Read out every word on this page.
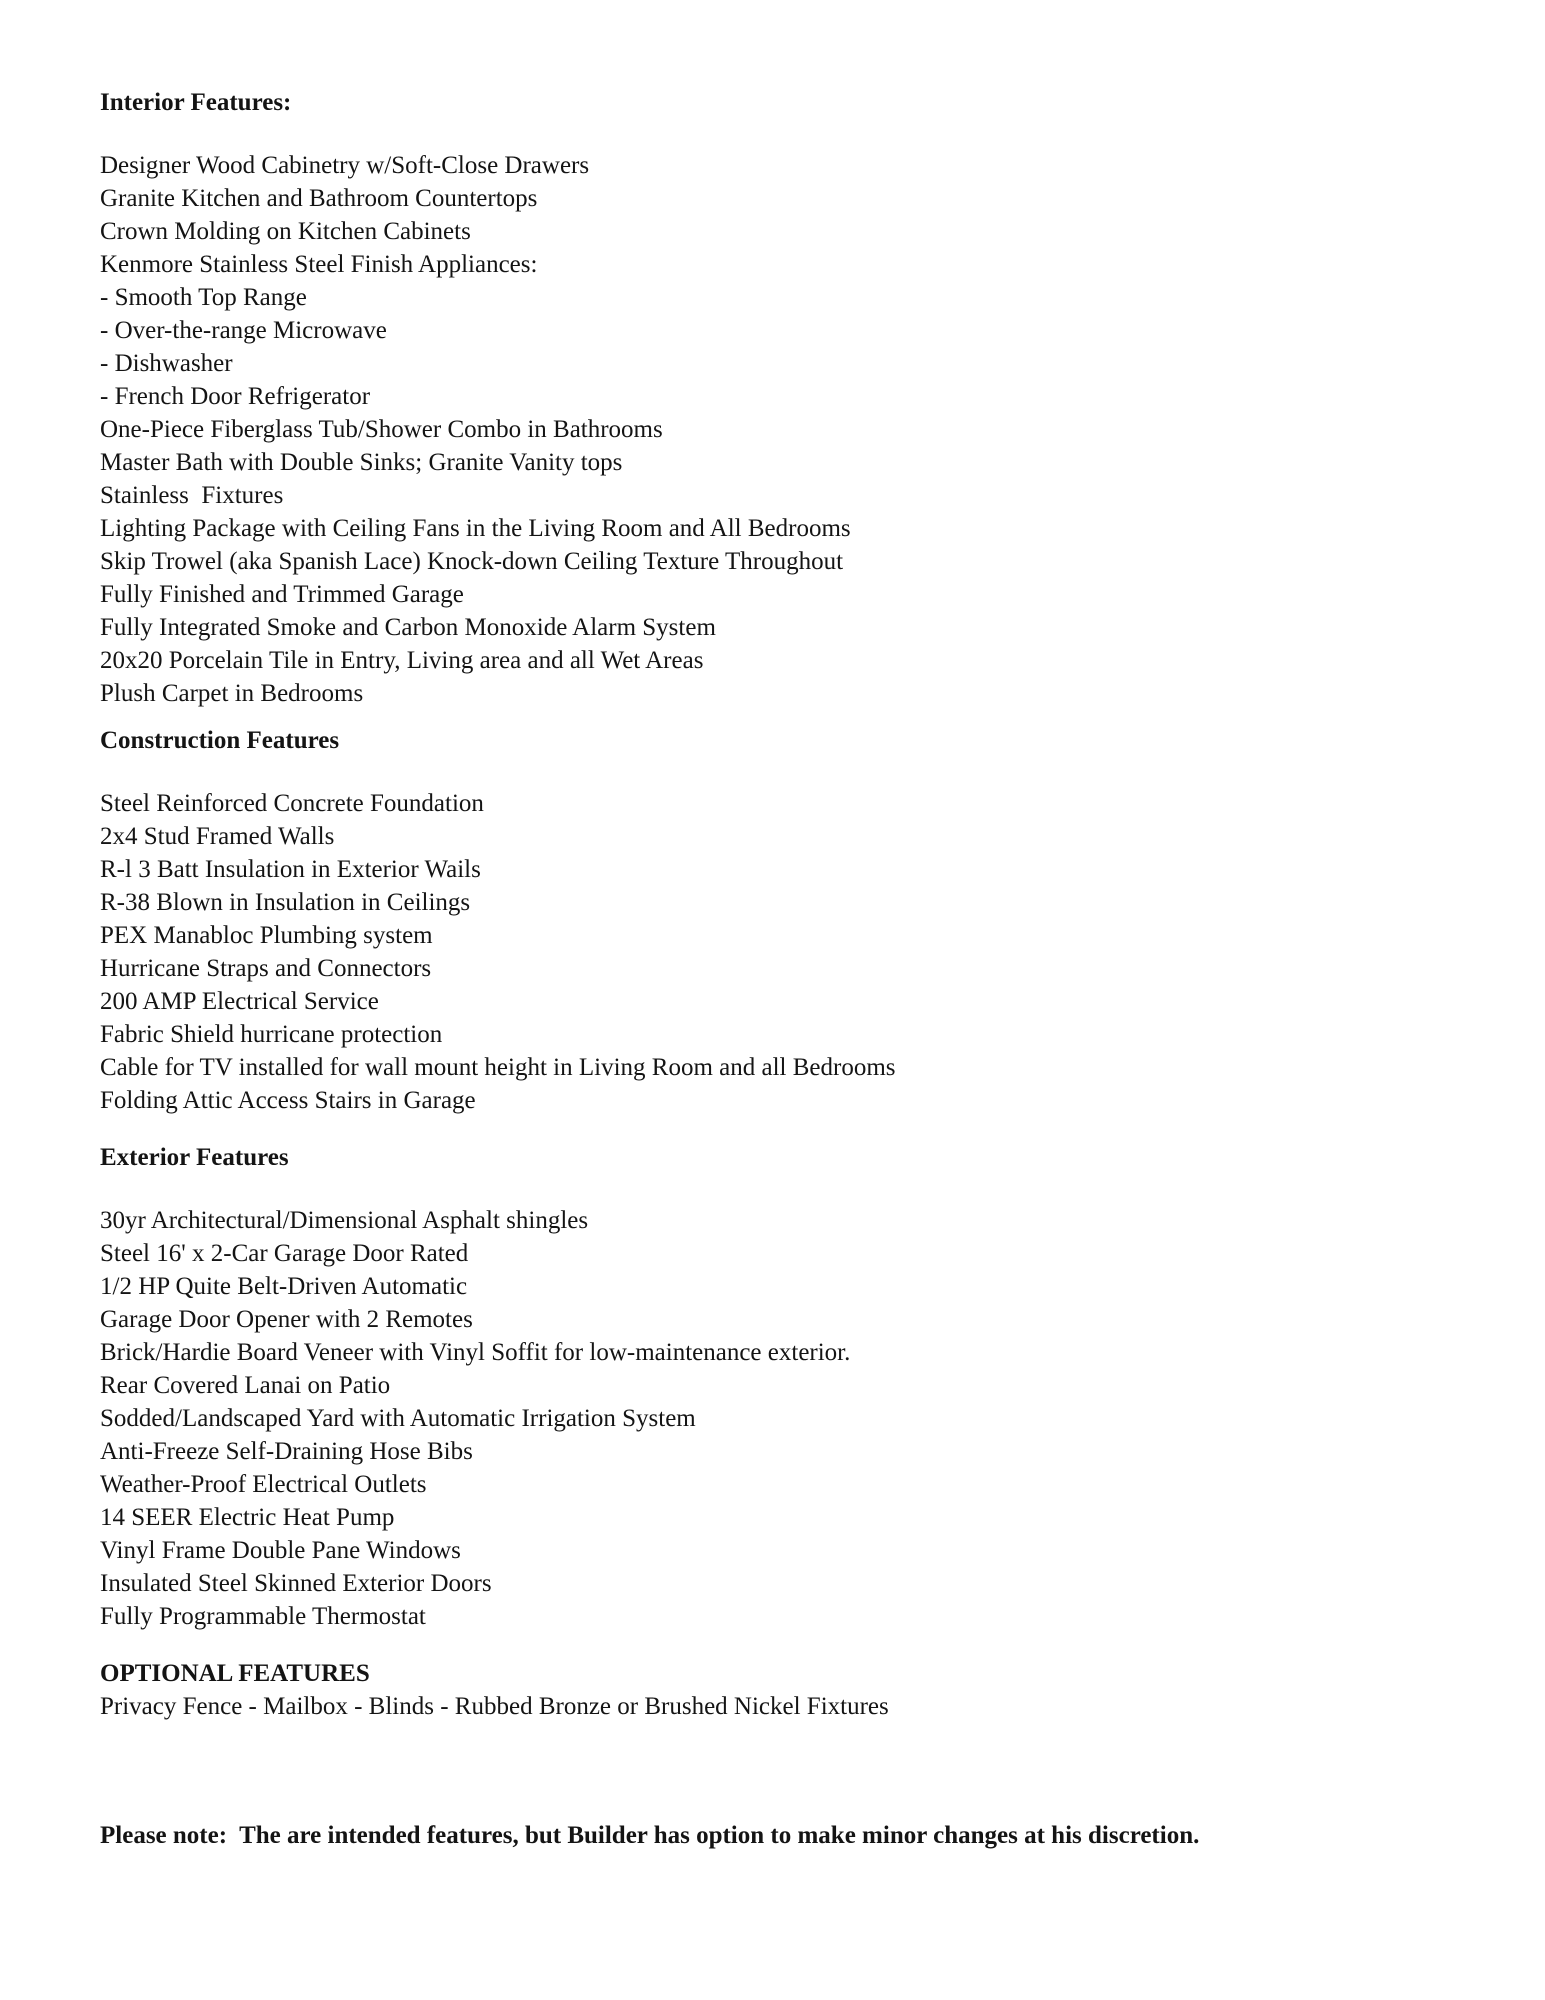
Interior Features:
Designer Wood Cabinetry w/Soft-Close Drawers
Granite Kitchen and Bathroom Countertops
Crown Molding on Kitchen Cabinets
Kenmore Stainless Steel Finish Appliances:
- Smooth Top Range
- Over-the-range Microwave
- Dishwasher
- French Door Refrigerator
One-Piece Fiberglass Tub/Shower Combo in Bathrooms
Master Bath with Double Sinks; Granite Vanity tops
Stainless  Fixtures
Lighting Package with Ceiling Fans in the Living Room and All Bedrooms
Skip Trowel (aka Spanish Lace) Knock-down Ceiling Texture Throughout
Fully Finished and Trimmed Garage
Fully Integrated Smoke and Carbon Monoxide Alarm System
20x20 Porcelain Tile in Entry, Living area and all Wet Areas
Plush Carpet in Bedrooms
Construction Features
Steel Reinforced Concrete Foundation
2x4 Stud Framed Walls
R-l 3 Batt Insulation in Exterior Wails
R-38 Blown in Insulation in Ceilings
PEX Manabloc Plumbing system
Hurricane Straps and Connectors
200 AMP Electrical Service
Fabric Shield hurricane protection
Cable for TV installed for wall mount height in Living Room and all Bedrooms
Folding Attic Access Stairs in Garage
Exterior Features
30yr Architectural/Dimensional Asphalt shingles
Steel 16' x 2-Car Garage Door Rated
1/2 HP Quite Belt-Driven Automatic
Garage Door Opener with 2 Remotes
Brick/Hardie Board Veneer with Vinyl Soffit for low-maintenance exterior.
Rear Covered Lanai on Patio
Sodded/Landscaped Yard with Automatic Irrigation System
Anti-Freeze Self-Draining Hose Bibs
Weather-Proof Electrical Outlets
14 SEER Electric Heat Pump
Vinyl Frame Double Pane Windows
Insulated Steel Skinned Exterior Doors
Fully Programmable Thermostat
OPTIONAL FEATURES
Privacy Fence - Mailbox - Blinds - Rubbed Bronze or Brushed Nickel Fixtures

Please note:  The are intended features, but Builder has option to make minor changes at his discretion.
